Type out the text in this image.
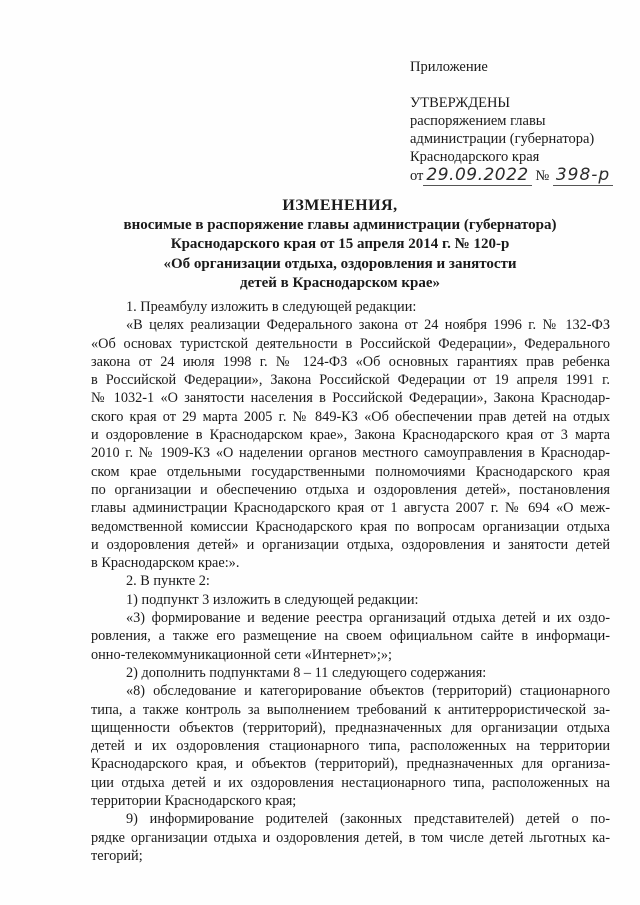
Приложение
УТВЕРЖДЕНЫ
распоряжением главы
администрации (губернатора)
Краснодарского края
от 29.09.2022 № 398-р
ИЗМЕНЕНИЯ,
вносимые в распоряжение главы администрации (губернатора)
Краснодарского края от 15 апреля 2014 г. № 120-р
«Об организации отдыха, оздоровления и занятости
детей в Краснодарском крае»
1. Преамбулу изложить в следующей редакции:
«В целях реализации Федерального закона от 24 ноября 1996 г. № 132-ФЗ
«Об основах туристской деятельности в Российской Федерации», Федерального
закона от 24 июля 1998 г. № 124-ФЗ «Об основных гарантиях прав ребенка
в Российской Федерации», Закона Российской Федерации от 19 апреля 1991 г.
№ 1032-1 «О занятости населения в Российской Федерации», Закона Краснодар-
ского края от 29 марта 2005 г. № 849-КЗ «Об обеспечении прав детей на отдых
и оздоровление в Краснодарском крае», Закона Краснодарского края от 3 марта
2010 г. № 1909-КЗ «О наделении органов местного самоуправления в Краснодар-
ском крае отдельными государственными полномочиями Краснодарского края
по организации и обеспечению отдыха и оздоровления детей», постановления
главы администрации Краснодарского края от 1 августа 2007 г. № 694 «О меж-
ведомственной комиссии Краснодарского края по вопросам организации отдыха
и оздоровления детей» и организации отдыха, оздоровления и занятости детей
в Краснодарском крае:».
2. В пункте 2:
1) подпункт 3 изложить в следующей редакции:
«3) формирование и ведение реестра организаций отдыха детей и их оздо-
ровления, а также его размещение на своем официальном сайте в информаци-
онно-телекоммуникационной сети «Интернет»;»;
2) дополнить подпунктами 8 – 11 следующего содержания:
«8) обследование и категорирование объектов (территорий) стационарного
типа, а также контроль за выполнением требований к антитеррористической за-
щищенности объектов (территорий), предназначенных для организации отдыха
детей и их оздоровления стационарного типа, расположенных на территории
Краснодарского края, и объектов (территорий), предназначенных для организа-
ции отдыха детей и их оздоровления нестационарного типа, расположенных на
территории Краснодарского края;
9) информирование родителей (законных представителей) детей о по-
рядке организации отдыха и оздоровления детей, в том числе детей льготных ка-
тегорий;
